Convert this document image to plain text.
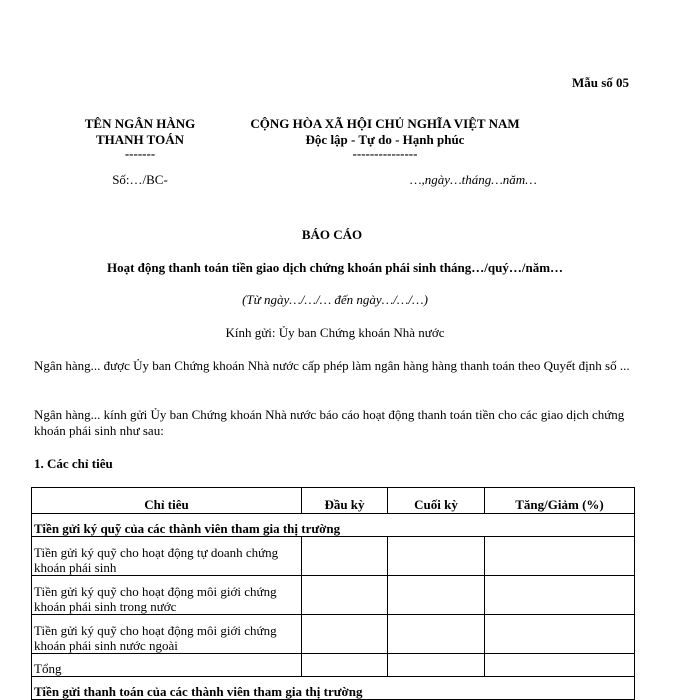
Mẫu số 05
TÊN NGÂN HÀNG
THANH TOÁN
-------
Số:…/BC-
CỘNG HÒA XÃ HỘI CHỦ NGHĨA VIỆT NAM
Độc lập - Tự do - Hạnh phúc
---------------
…,ngày…tháng…năm…
BÁO CÁO
Hoạt động thanh toán tiền giao dịch chứng khoán phái sinh tháng…/quý…/năm…
(Từ ngày…/…/… đến ngày…/…/…)
Kính gửi: Ủy ban Chứng khoán Nhà nước
Ngân hàng... được Ủy ban Chứng khoán Nhà nước cấp phép làm ngân hàng hàng thanh toán theo Quyết định số ...
Ngân hàng... kính gửi Ủy ban Chứng khoán Nhà nước báo cáo hoạt động thanh toán tiền cho các giao dịch chứng khoán phái sinh như sau:
1. Các chỉ tiêu
Chỉ tiêu	Đầu kỳ	Cuối kỳ	Tăng/Giảm (%)
Tiền gửi ký quỹ của các thành viên tham gia thị trường			
Tiền gửi ký quỹ cho hoạt động tự doanh chứng khoán phái sinh			
Tiền gửi ký quỹ cho hoạt động môi giới chứng khoán phái sinh trong nước			
Tiền gửi ký quỹ cho hoạt động môi giới chứng khoán phái sinh nước ngoài			
Tổng			
Tiền gửi thanh toán của các thành viên tham gia thị trường			
